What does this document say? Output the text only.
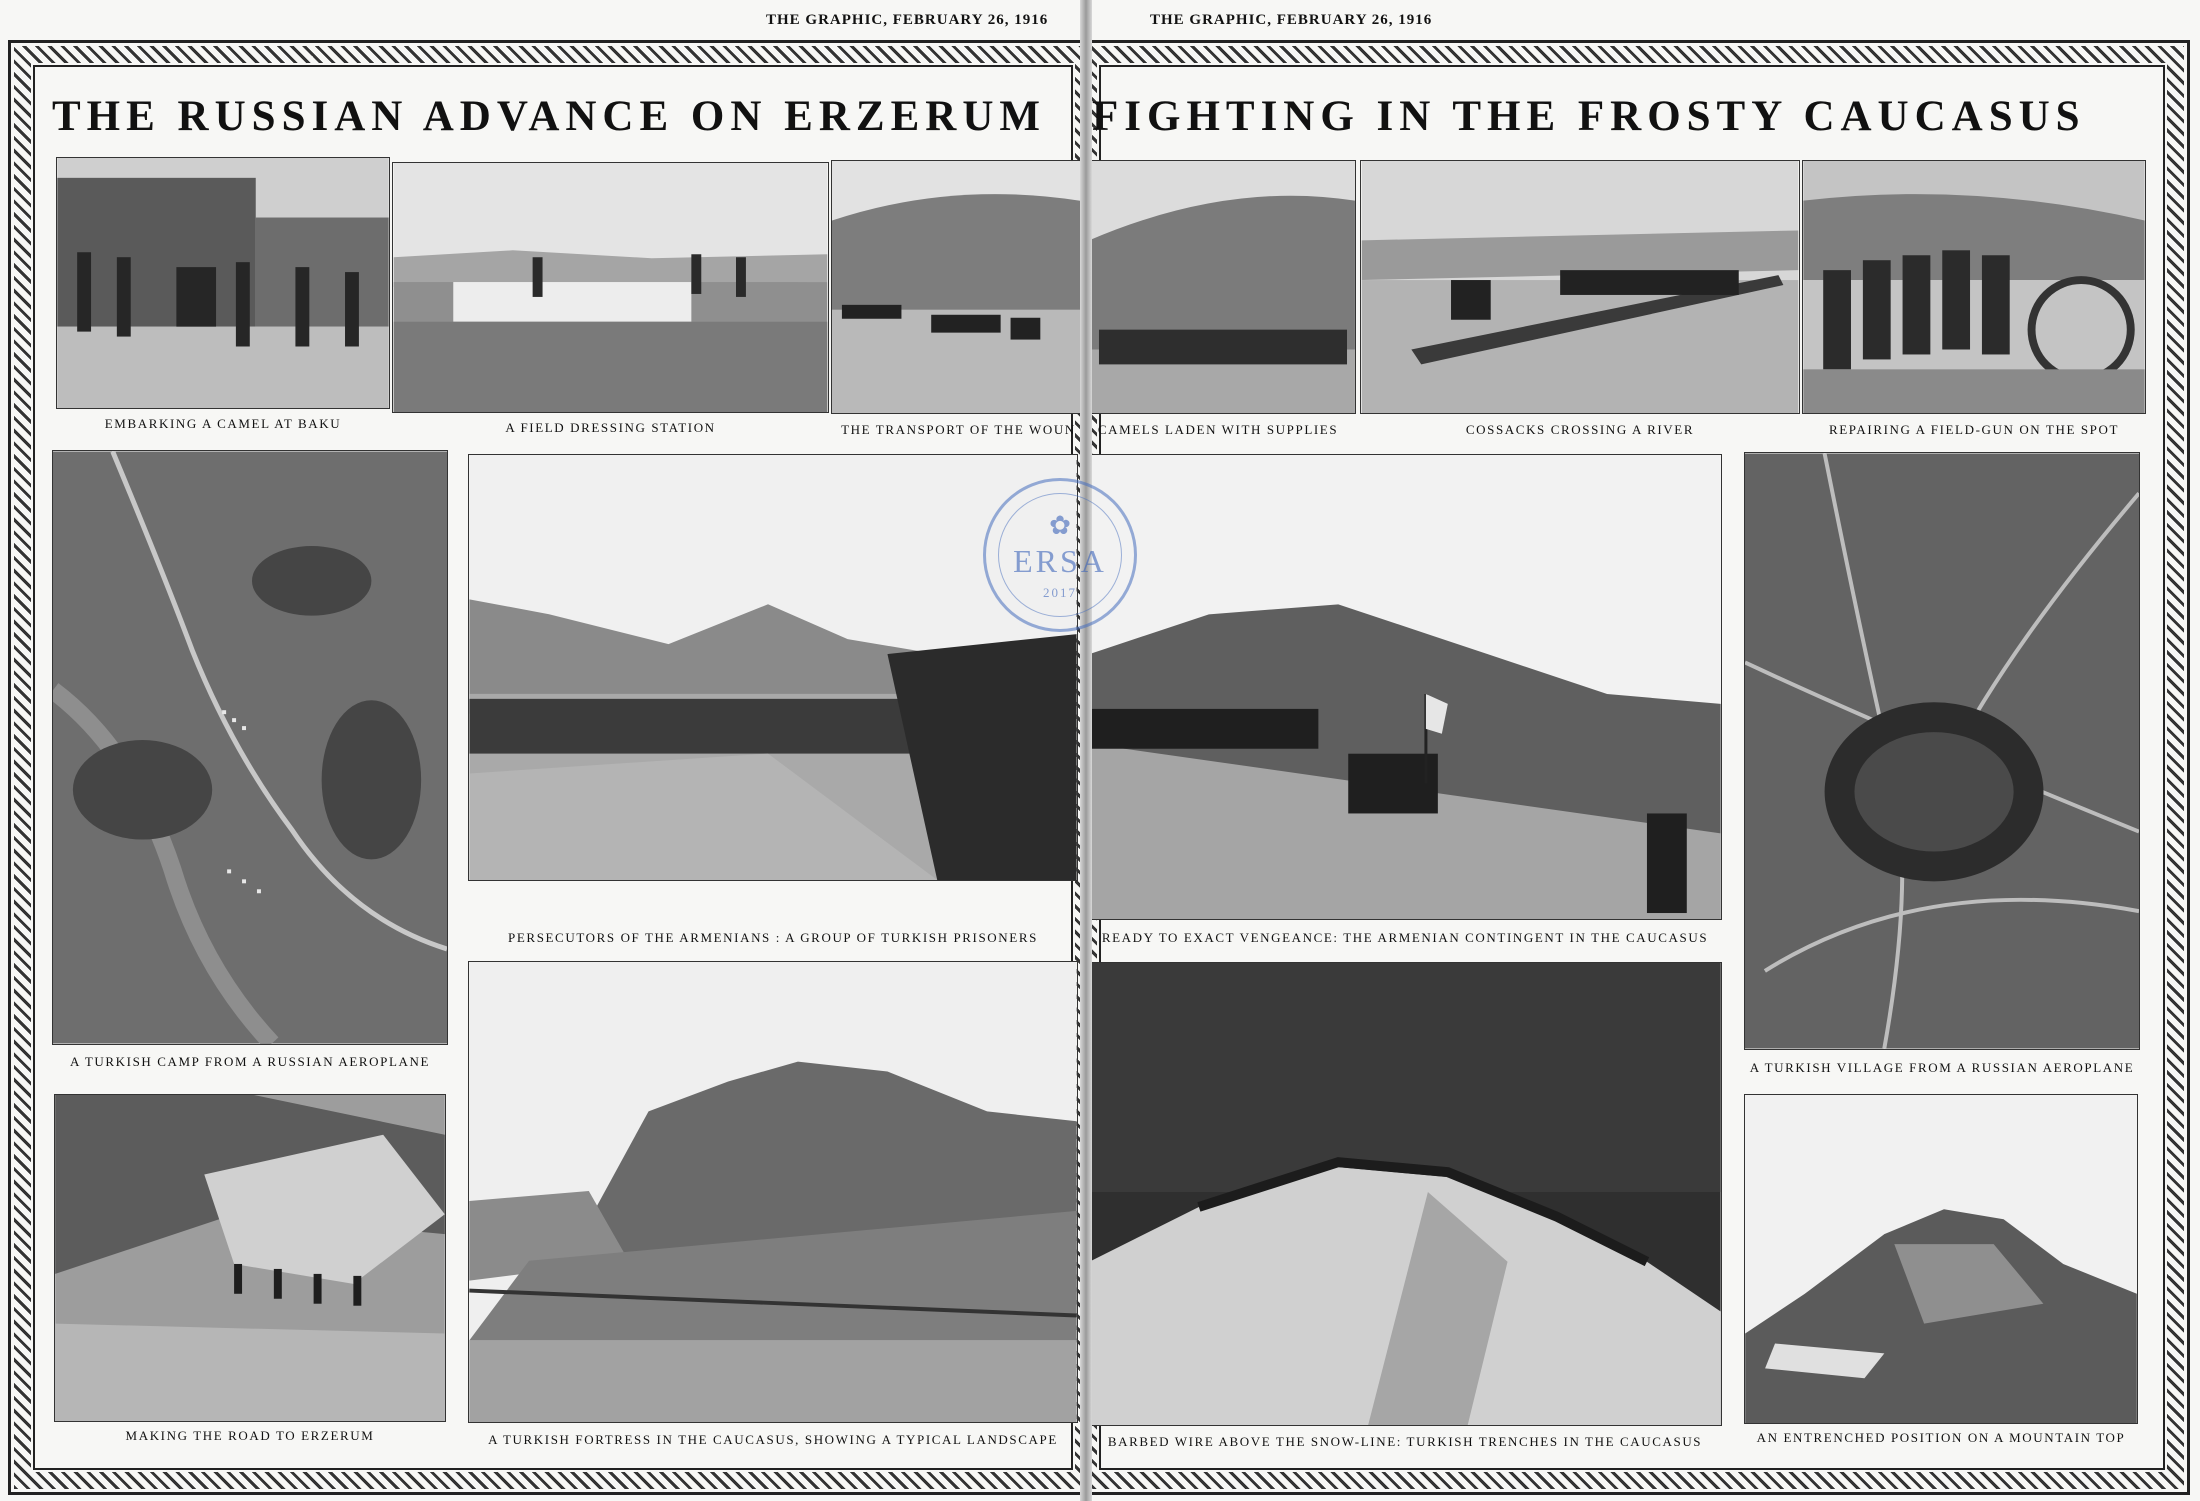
THE GRAPHIC, FEBRUARY 26, 1916
THE RUSSIAN ADVANCE ON ERZERUM
EMBARKING A CAMEL AT BAKU	A FIELD DRESSING STATION	THE TRANSPORT OF THE WOUN
A TURKISH CAMP FROM A RUSSIAN AEROPLANE
PERSECUTORS OF THE ARMENIANS : A GROUP OF TURKISH PRISONERS
MAKING THE ROAD TO ERZERUM	A TURKISH FORTRESS IN THE CAUCASUS, SHOWING A TYPICAL LANDSCAPE
THE GRAPHIC, FEBRUARY 26, 1916
FIGHTING IN THE FROSTY CAUCASUS
CAMELS LADEN WITH SUPPLIES	COSSACKS CROSSING A RIVER	REPAIRING A FIELD-GUN ON THE SPOT
READY TO EXACT VENGEANCE: THE ARMENIAN CONTINGENT IN THE CAUCASUS
A TURKISH VILLAGE FROM A RUSSIAN AEROPLANE
BARBED WIRE ABOVE THE SNOW-LINE: TURKISH TRENCHES IN THE CAUCASUS	AN ENTRENCHED POSITION ON A MOUNTAIN TOP
✿
ERSA
2017
